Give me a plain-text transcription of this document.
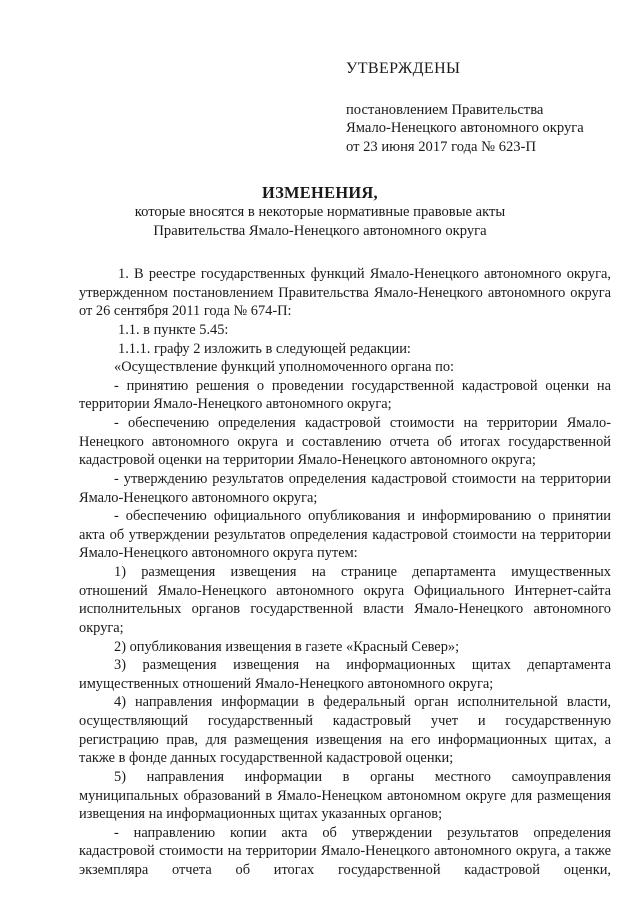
УТВЕРЖДЕНЫ
постановлением Правительства
Ямало-Ненецкого автономного округа
от 23 июня 2017 года № 623-П
ИЗМЕНЕНИЯ,
которые вносятся в некоторые нормативные правовые акты
Правительства Ямало-Ненецкого автономного округа

1. В реестре государственных функций Ямало-Ненецкого автономного округа, утвержденном постановлением Правительства Ямало-Ненецкого автономного округа от 26 сентября 2011 года № 674-П:

1.1. в пункте 5.45:

1.1.1. графу 2 изложить в следующей редакции:

«Осуществление функций уполномоченного органа по:

- принятию решения о проведении государственной кадастровой оценки на территории Ямало-Ненецкого автономного округа;

- обеспечению определения кадастровой стоимости на территории Ямало-Ненецкого автономного округа и составлению отчета об итогах государственной кадастровой оценки на территории Ямало-Ненецкого автономного округа;

- утверждению результатов определения кадастровой стоимости на территории Ямало-Ненецкого автономного округа;

- обеспечению официального опубликования и информированию о принятии акта об утверждении результатов определения кадастровой стоимости на территории Ямало-Ненецкого автономного округа путем:

1) размещения извещения на странице департамента имущественных отношений Ямало-Ненецкого автономного округа Официального Интернет-сайта исполнительных органов государственной власти Ямало-Ненецкого автономного округа;

2) опубликования извещения в газете «Красный Север»;

3) размещения извещения на информационных щитах департамента имущественных отношений Ямало-Ненецкого автономного округа;

4) направления информации в федеральный орган исполнительной власти, осуществляющий государственный кадастровый учет и государственную регистрацию прав, для размещения извещения на его информационных щитах, а также в фонде данных государственной кадастровой оценки;

5) направления информации в органы местного самоуправления муниципальных образований в Ямало-Ненецком автономном округе для размещения извещения на информационных щитах указанных органов;

- направлению копии акта об утверждении результатов определения кадастровой стоимости на территории Ямало-Ненецкого автономного округа, а также экземпляра отчета об итогах государственной кадастровой оценки,
